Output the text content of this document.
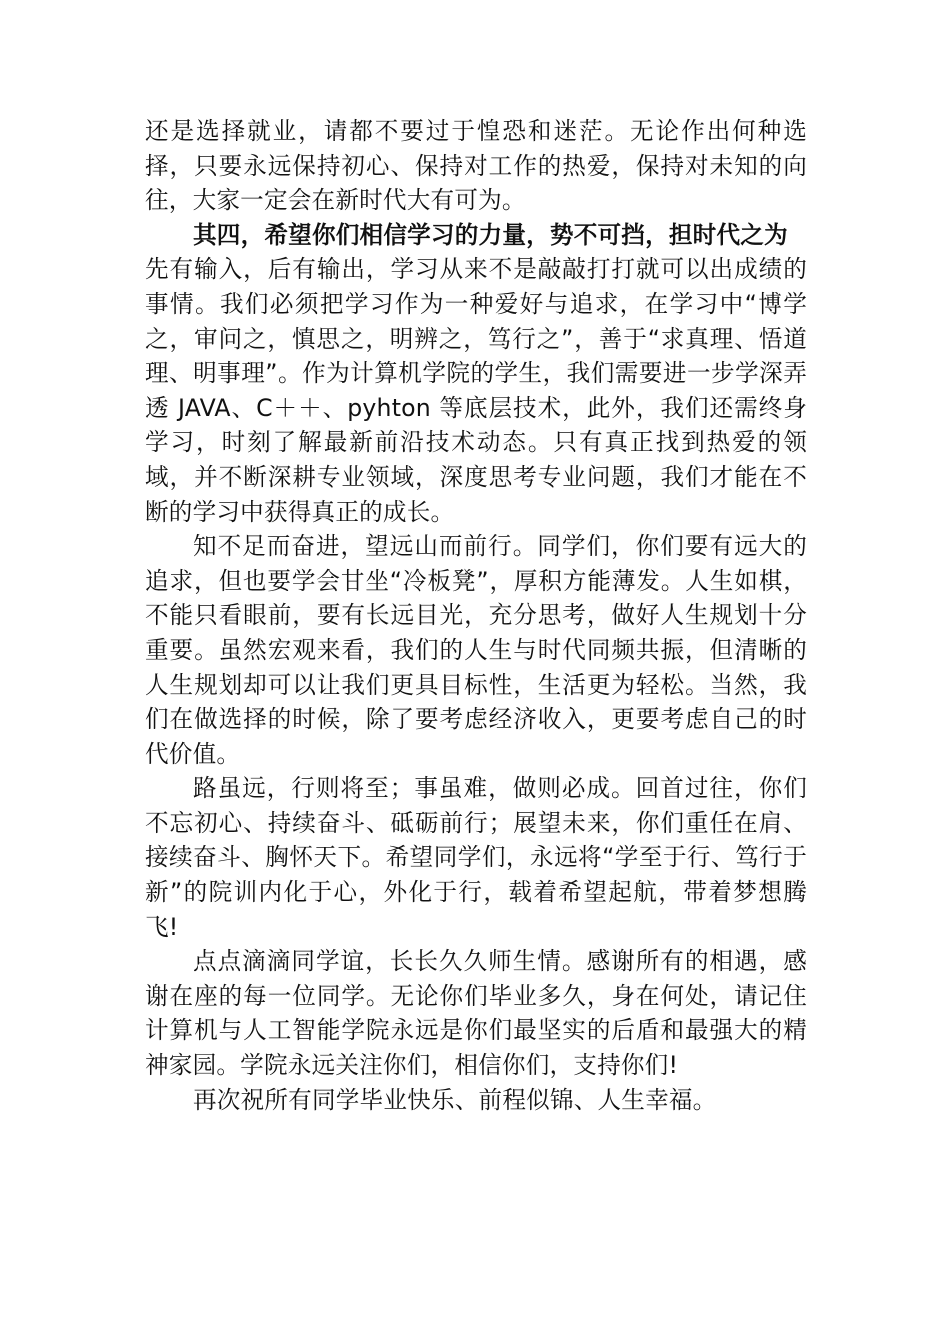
还是选择就业，请都不要过于惶恐和迷茫。无论作出何种选择，只要永远保持初心、保持对工作的热爱，保持对未知的向往，大家一定会在新时代大有可为。

其四，希望你们相信学习的力量，势不可挡，担时代之为
先有输入，后有输出，学习从来不是敲敲打打就可以出成绩的事情。我们必须把学习作为一种爱好与追求，在学习中“博学之，审问之，慎思之，明辨之，笃行之”，善于“求真理、悟道理、明事理”。作为计算机学院的学生，我们需要进一步学深弄透 JAVA、C＋＋、pyhton 等底层技术，此外，我们还需终身学习，时刻了解最新前沿技术动态。只有真正找到热爱的领域，并不断深耕专业领域，深度思考专业问题，我们才能在不断的学习中获得真正的成长。

知不足而奋进，望远山而前行。同学们，你们要有远大的追求，但也要学会甘坐“冷板凳”，厚积方能薄发。人生如棋，不能只看眼前，要有长远目光，充分思考，做好人生规划十分重要。虽然宏观来看，我们的人生与时代同频共振，但清晰的人生规划却可以让我们更具目标性，生活更为轻松。当然，我们在做选择的时候，除了要考虑经济收入，更要考虑自己的时代价值。

路虽远，行则将至；事虽难，做则必成。回首过往，你们不忘初心、持续奋斗、砥砺前行；展望未来，你们重任在肩、接续奋斗、胸怀天下。希望同学们，永远将“学至于行、笃行于新”的院训内化于心，外化于行，载着希望起航，带着梦想腾飞!

点点滴滴同学谊，长长久久师生情。感谢所有的相遇，感谢在座的每一位同学。无论你们毕业多久，身在何处，请记住计算机与人工智能学院永远是你们最坚实的后盾和最强大的精神家园。学院永远关注你们，相信你们，支持你们!

再次祝所有同学毕业快乐、前程似锦、人生幸福。
